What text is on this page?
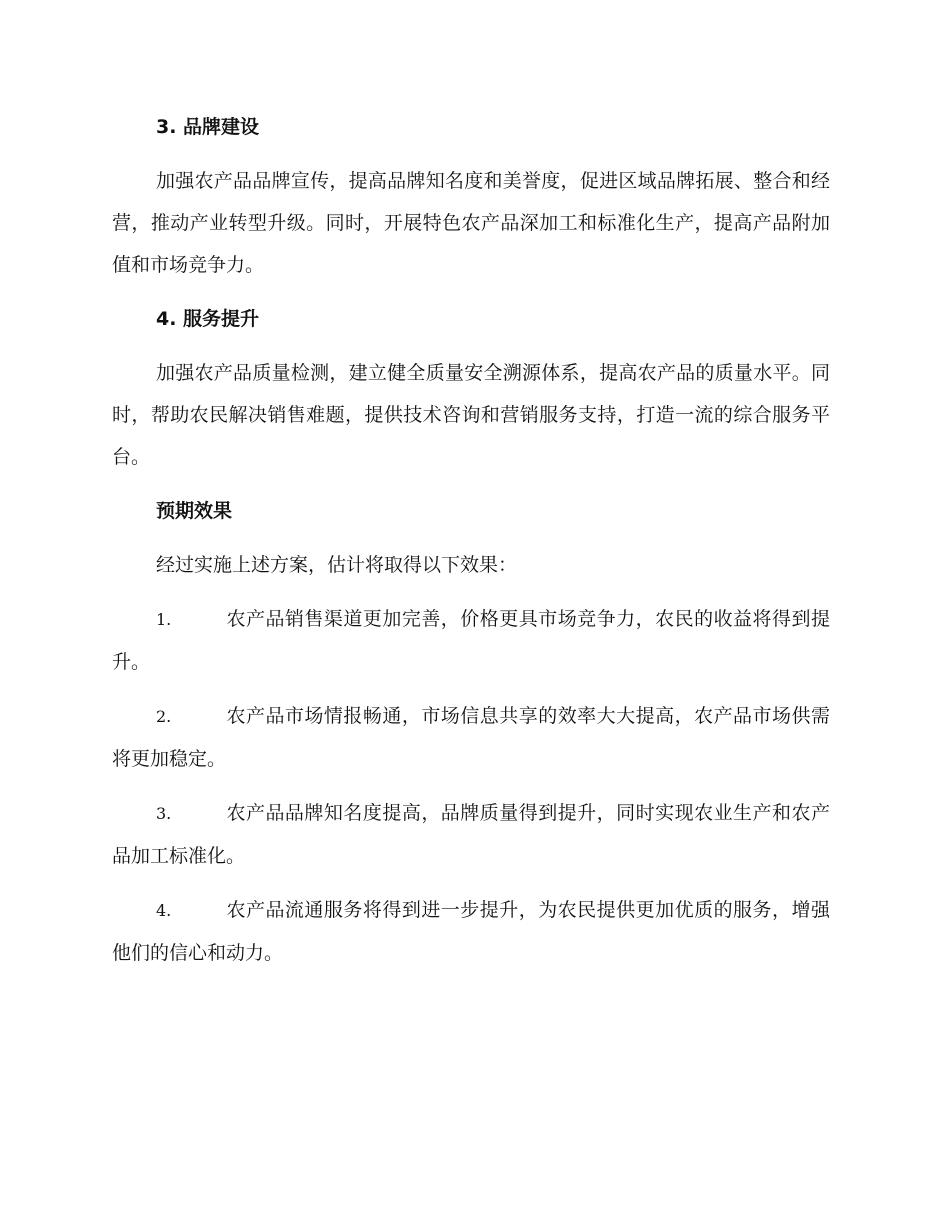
3. 品牌建设

加强农产品品牌宣传，提高品牌知名度和美誉度，促进区域品牌拓展、整合和经营，推动产业转型升级。同时，开展特色农产品深加工和标准化生产，提高产品附加值和市场竞争力。

4. 服务提升

加强农产品质量检测，建立健全质量安全溯源体系，提高农产品的质量水平。同时，帮助农民解决销售难题，提供技术咨询和营销服务支持，打造一流的综合服务平台。

预期效果

经过实施上述方案，估计将取得以下效果：

1.	农产品销售渠道更加完善，价格更具市场竞争力，农民的收益将得到提升。

2.	农产品市场情报畅通，市场信息共享的效率大大提高，农产品市场供需将更加稳定。

3.	农产品品牌知名度提高，品牌质量得到提升，同时实现农业生产和农产品加工标准化。

4.	农产品流通服务将得到进一步提升，为农民提供更加优质的服务，增强他们的信心和动力。
